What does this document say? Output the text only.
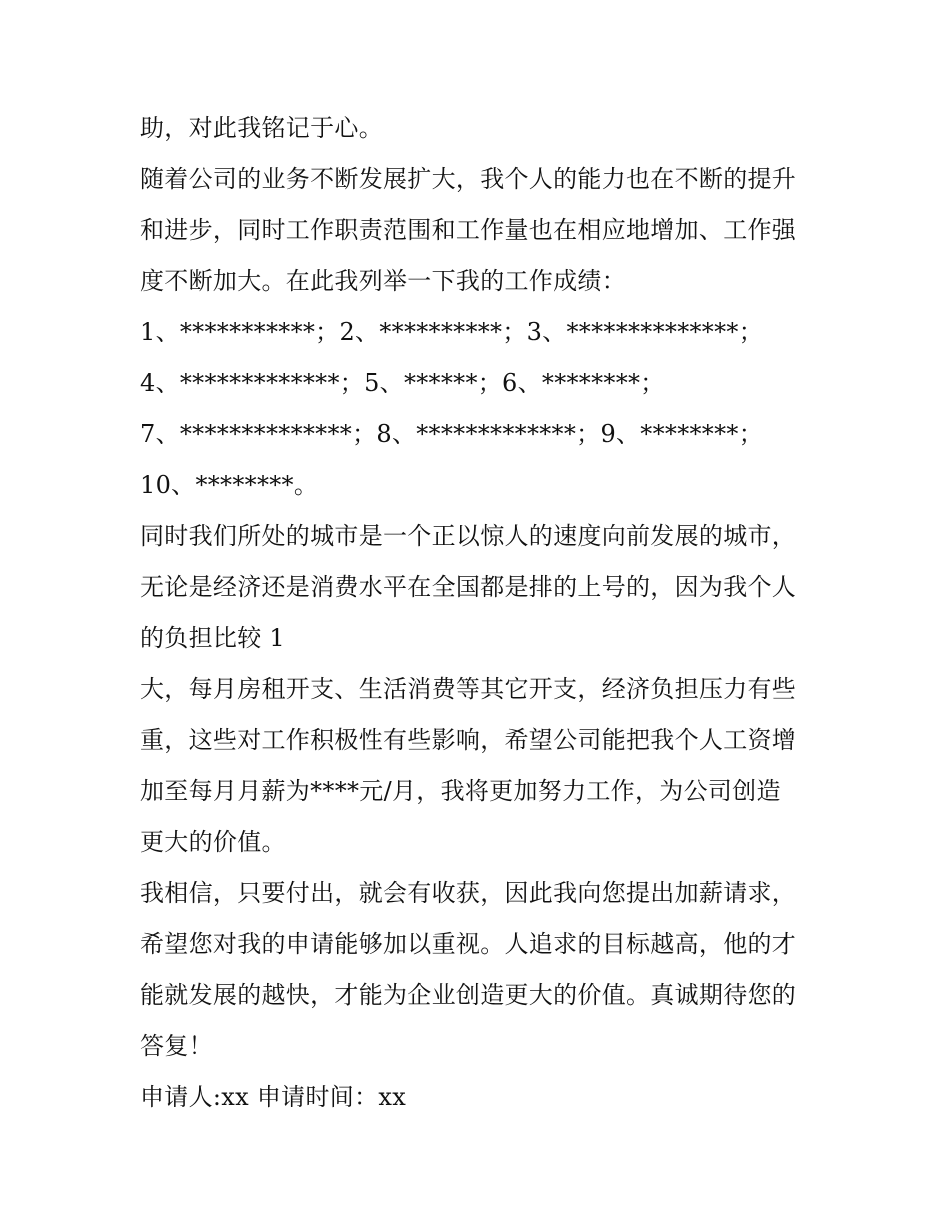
助，对此我铭记于心。
随着公司的业务不断发展扩大，我个人的能力也在不断的提升
和进步，同时工作职责范围和工作量也在相应地增加、工作强
度不断加大。在此我列举一下我的工作成绩：
1、***********；2、**********；3、**************；
4、*************；5、******；6、********；
7、**************；8、*************；9、********；
10、********。
同时我们所处的城市是一个正以惊人的速度向前发展的城市，
无论是经济还是消费水平在全国都是排的上号的，因为我个人
的负担比较 1
大，每月房租开支、生活消费等其它开支，经济负担压力有些
重，这些对工作积极性有些影响，希望公司能把我个人工资增
加至每月月薪为****元/月，我将更加努力工作，为公司创造
更大的价值。
我相信，只要付出，就会有收获，因此我向您提出加薪请求，
希望您对我的申请能够加以重视。人追求的目标越高，他的才
能就发展的越快，才能为企业创造更大的价值。真诚期待您的
答复！
申请人:xx 申请时间：xx
